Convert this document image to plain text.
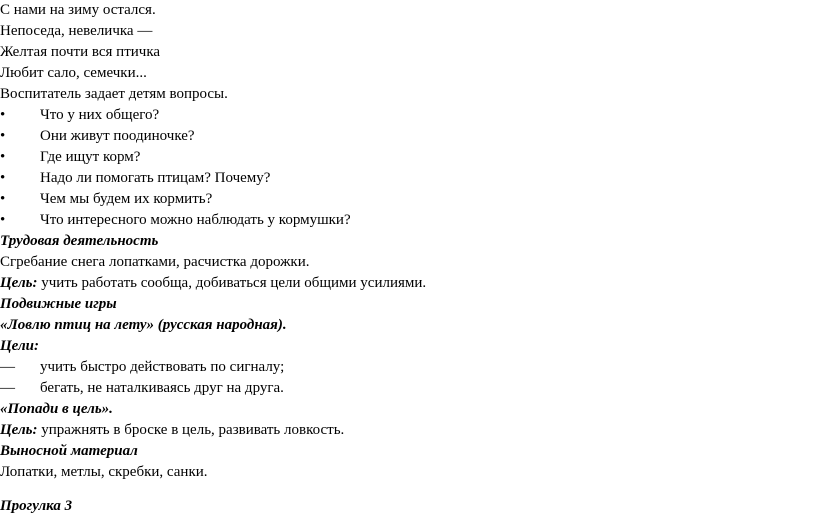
С нами на зиму остался.
Непоседа, невеличка —
Желтая почти вся птичка
Любит сало, семечки...
Воспитатель задает детям вопросы.
• Что у них общего?
• Они живут поодиночке?
• Где ищут корм?
• Надо ли помогать птицам? Почему?
• Чем мы будем их кормить?
• Что интересного можно наблюдать у кормушки?
Трудовая деятельность
Сгребание снега лопатками, расчистка дорожки.
Цель: учить работать сообща, добиваться цели общими усилиями.
Подвижные игры
«Ловлю птиц на лету» (русская народная).
Цели:
— учить быстро действовать по сигналу;
— бегать, не наталкиваясь друг на друга.
«Попади в цель».
Цель: упражнять в броске в цель, развивать ловкость.
Выносной материал
Лопатки, метлы, скребки, санки.
Прогулка 3
